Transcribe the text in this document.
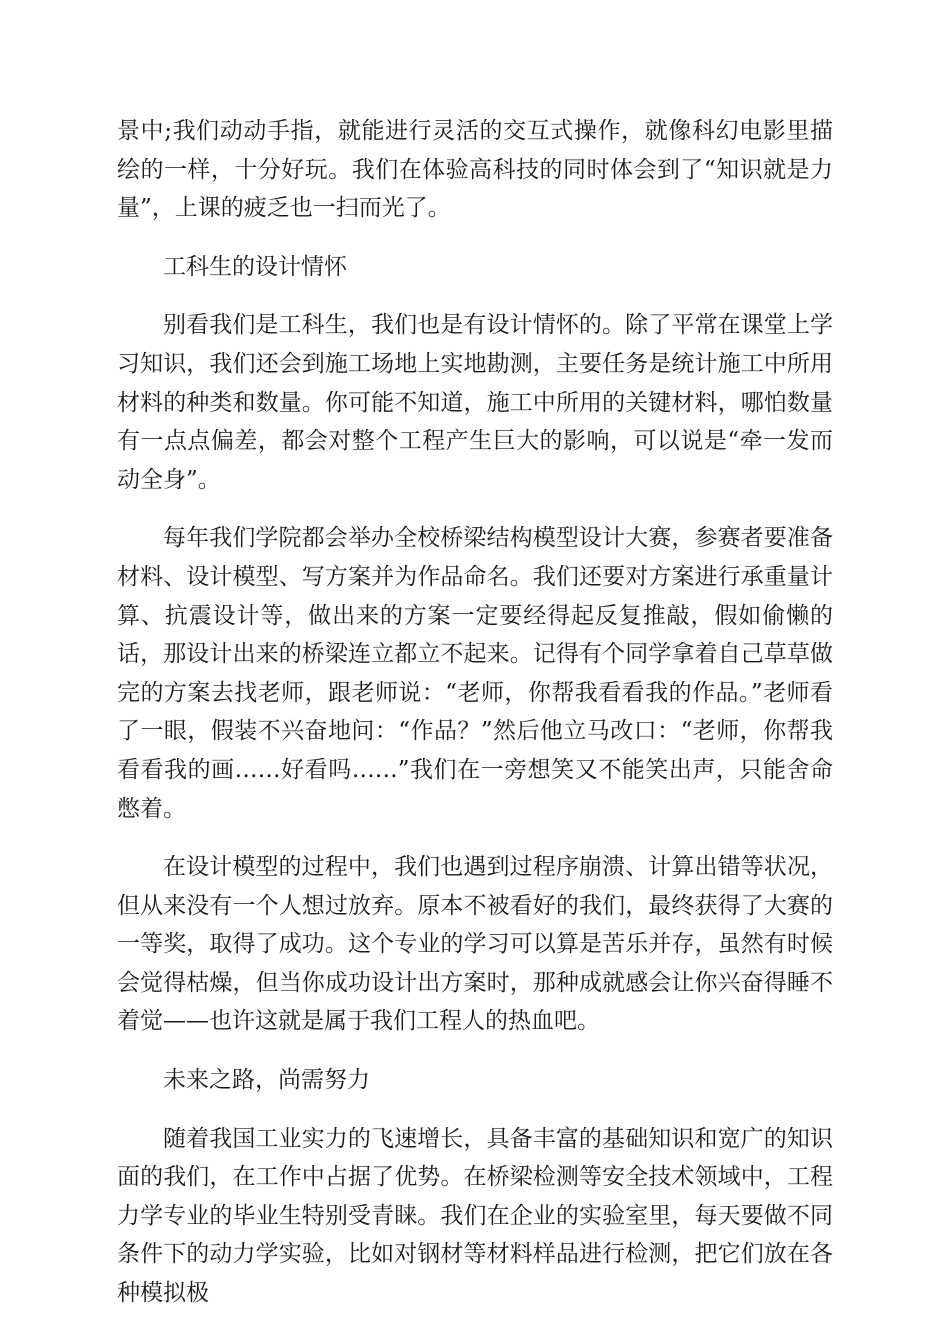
景中;我们动动手指，就能进行灵活的交互式操作，就像科幻电影里描绘的一样，十分好玩。我们在体验高科技的同时体会到了“知识就是力量”，上课的疲乏也一扫而光了。

工科生的设计情怀

别看我们是工科生，我们也是有设计情怀的。除了平常在课堂上学习知识，我们还会到施工场地上实地勘测，主要任务是统计施工中所用材料的种类和数量。你可能不知道，施工中所用的关键材料，哪怕数量有一点点偏差，都会对整个工程产生巨大的影响，可以说是“牵一发而动全身”。

每年我们学院都会举办全校桥梁结构模型设计大赛，参赛者要准备材料、设计模型、写方案并为作品命名。我们还要对方案进行承重量计算、抗震设计等，做出来的方案一定要经得起反复推敲，假如偷懒的话，那设计出来的桥梁连立都立不起来。记得有个同学拿着自己草草做完的方案去找老师，跟老师说：“老师，你帮我看看我的作品。”老师看了一眼，假装不兴奋地问：“作品？”然后他立马改口：“老师，你帮我看看我的画……好看吗……”我们在一旁想笑又不能笑出声，只能舍命憋着。

在设计模型的过程中，我们也遇到过程序崩溃、计算出错等状况，但从来没有一个人想过放弃。原本不被看好的我们，最终获得了大赛的一等奖，取得了成功。这个专业的学习可以算是苦乐并存，虽然有时候会觉得枯燥，但当你成功设计出方案时，那种成就感会让你兴奋得睡不着觉——也许这就是属于我们工程人的热血吧。

未来之路，尚需努力

随着我国工业实力的飞速增长，具备丰富的基础知识和宽广的知识面的我们，在工作中占据了优势。在桥梁检测等安全技术领域中，工程力学专业的毕业生特别受青睐。我们在企业的实验室里，每天要做不同条件下的动力学实验，比如对钢材等材料样品进行检测，把它们放在各种模拟极
